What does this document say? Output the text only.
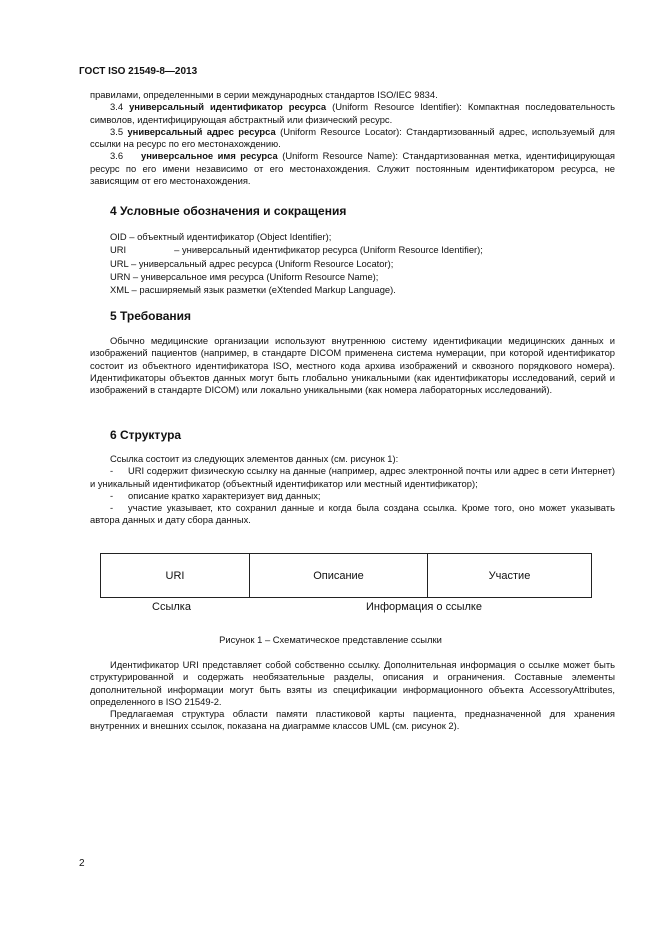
ГОСТ ISO 21549-8—2013

правилами, определенными в серии международных стандартов ISO/IEC 9834.

3.4 универсальный идентификатор ресурса (Uniform Resource Identifier): Компактная последовательность символов, идентифицирующая абстрактный или физический ресурс.

3.5 универсальный адрес ресурса (Uniform Resource Locator): Стандартизованный адрес, используемый для ссылки на ресурс по его местонахождению.

3.6 универсальное имя ресурса (Uniform Resource Name): Стандартизованная метка, идентифицирующая ресурс по его имени независимо от его местонахождения. Служит постоянным идентификатором ресурса, не зависящим от его местонахождения.

4 Условные обозначения и сокращения
OID – объектный идентификатор (Object Identifier);
URI	– универсальный идентификатор ресурса (Uniform Resource Identifier);
URL – универсальный адрес ресурса (Uniform Resource Locator);
URN – универсальное имя ресурса (Uniform Resource Name);
XML – расширяемый язык разметки (eXtended Markup Language).
5 Требования

Обычно медицинские организации используют внутреннюю систему идентификации медицинских данных и изображений пациентов (например, в стандарте DICOM применена система нумерации, при которой идентификатор состоит из объектного идентификатора ISO, местного кода архива изображений и сквозного порядкового номера). Идентификаторы объектов данных могут быть глобально уникальными (как идентификаторы исследований, серий и изображений в стандарте DICOM) или локально уникальными (как номера лабораторных исследований).

6 Структура

Ссылка состоит из следующих элементов данных (см. рисунок 1):

- URI содержит физическую ссылку на данные (например, адрес электронной почты или адрес в сети Интернет) и уникальный идентификатор (объектный идентификатор или местный идентификатор);

- описание кратко характеризует вид данных;

- участие указывает, кто сохранил данные и когда была создана ссылка. Кроме того, оно может указывать автора данных и дату сбора данных.

URI	Описание	Участие
Ссылка	Информация о ссылке
Рисунок 1 – Схематическое представление ссылки

Идентификатор URI представляет собой собственно ссылку. Дополнительная информация о ссылке может быть структурированной и содержать необязательные разделы, описания и ограничения. Составные элементы дополнительной информации могут быть взяты из спецификации информационного объекта AccessoryAttributes, определенного в ISO 21549-2.

Предлагаемая структура области памяти пластиковой карты пациента, предназначенной для хранения внутренних и внешних ссылок, показана на диаграмме классов UML (см. рисунок 2).

2
